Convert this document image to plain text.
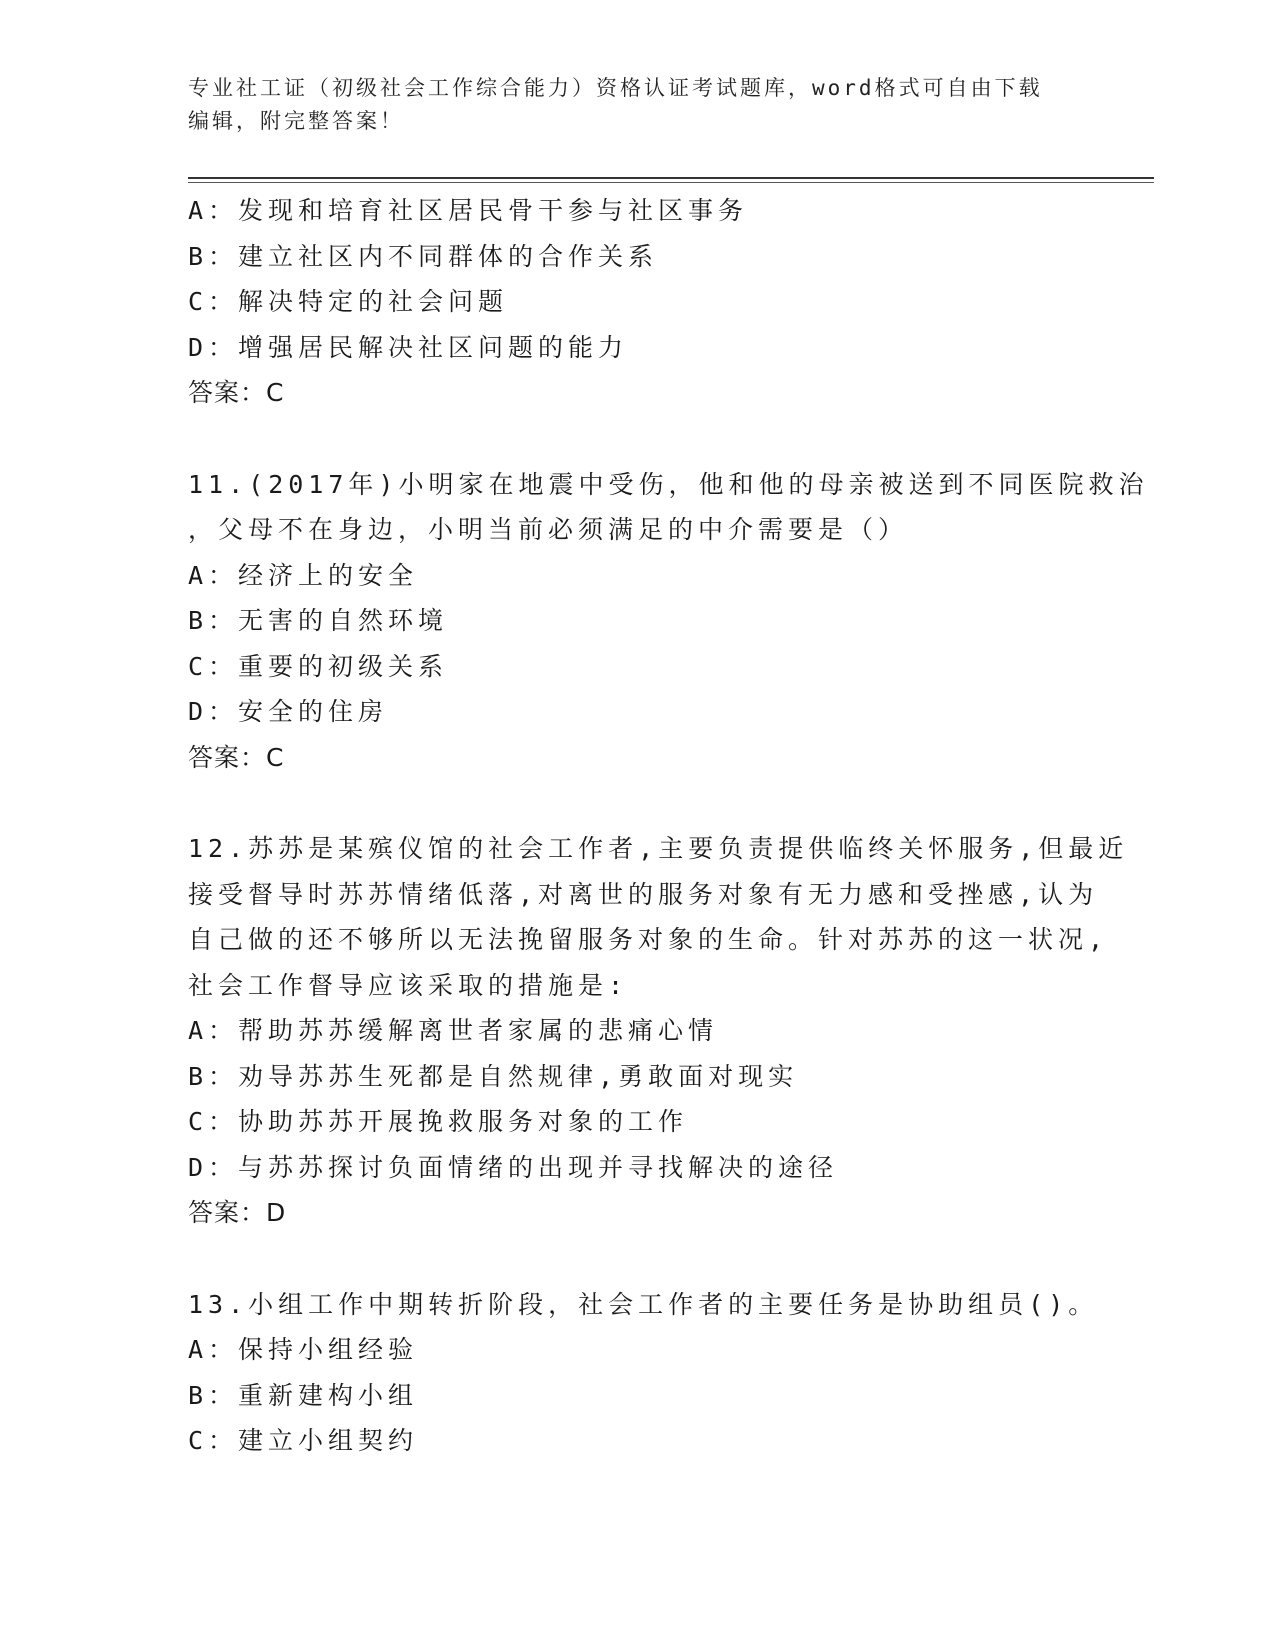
专业社工证（初级社会工作综合能力）资格认证考试题库，word格式可自由下载
编辑，附完整答案！
A：发现和培育社区居民骨干参与社区事务
B：建立社区内不同群体的合作关系
C：解决特定的社会问题
D：增强居民解决社区问题的能力
答案：C
11.(2017年)小明家在地震中受伤，他和他的母亲被送到不同医院救治
，父母不在身边，小明当前必须满足的中介需要是（）
A：经济上的安全
B：无害的自然环境
C：重要的初级关系
D：安全的住房
答案：C
12.苏苏是某殡仪馆的社会工作者,主要负责提供临终关怀服务,但最近
接受督导时苏苏情绪低落,对离世的服务对象有无力感和受挫感,认为
自己做的还不够所以无法挽留服务对象的生命。针对苏苏的这一状况,
社会工作督导应该采取的措施是:
A：帮助苏苏缓解离世者家属的悲痛心情
B：劝导苏苏生死都是自然规律,勇敢面对现实
C：协助苏苏开展挽救服务对象的工作
D：与苏苏探讨负面情绪的出现并寻找解决的途径
答案：D
13.小组工作中期转折阶段，社会工作者的主要任务是协助组员()。
A：保持小组经验
B：重新建构小组
C：建立小组契约
